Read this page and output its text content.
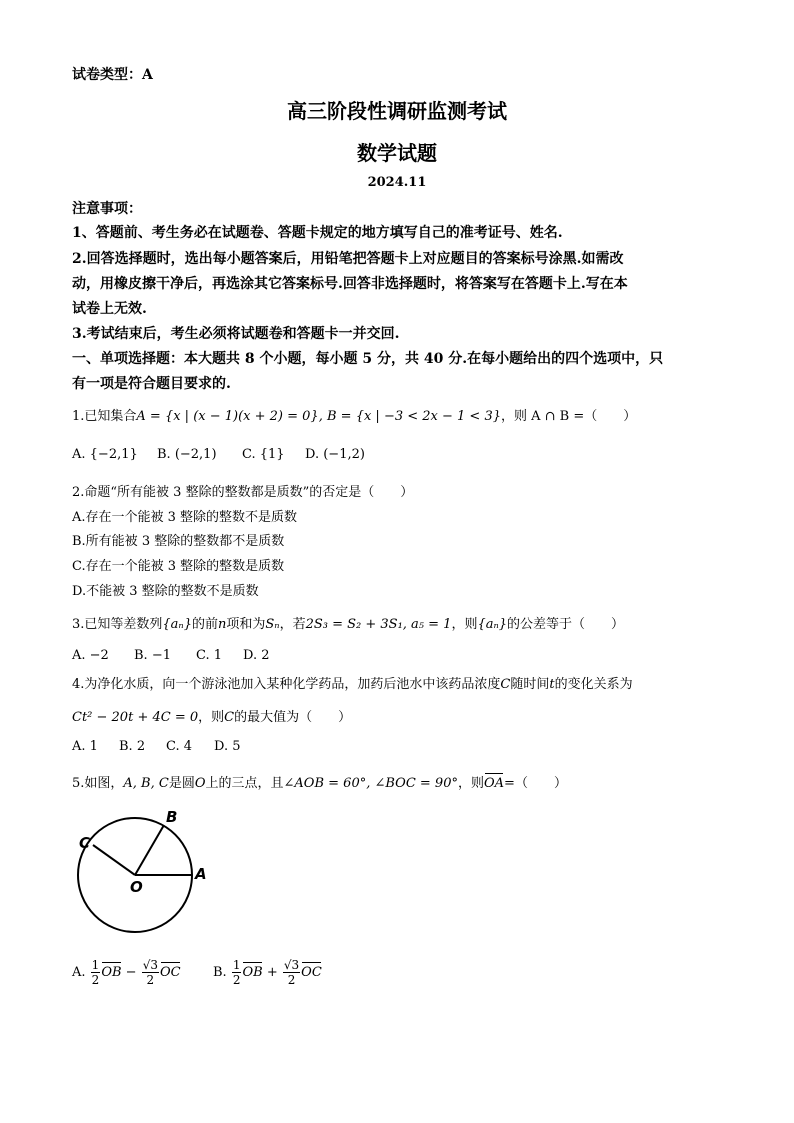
试卷类型：A
高三阶段性调研监测考试
数学试题
2024.11
注意事项：
1、答题前、考生务必在试题卷、答题卡规定的地方填写自己的准考证号、姓名.
2.回答选择题时，选出每小题答案后，用铅笔把答题卡上对应题目的答案标号涂黑.如需改
动，用橡皮擦干净后，再选涂其它答案标号.回答非选择题时，将答案写在答题卡上.写在本
试卷上无效.
3.考试结束后，考生必须将试题卷和答题卡一并交回.
一、单项选择题：本大题共 8 个小题，每小题 5 分，共 40 分.在每小题给出的四个选项中，只
有一项是符合题目要求的.
1.已知集合A = {x | (x − 1)(x + 2) = 0}, B = {x | −3 < 2x − 1 < 3}，则 A ∩ B =（　　）
A. {−2,1} B. (−2,1) C. {1} D. (−1,2)
2.命题“所有能被 3 整除的整数都是质数”的否定是（　　）
A.存在一个能被 3 整除的整数不是质数
B.所有能被 3 整除的整数都不是质数
C.存在一个能被 3 整除的整数是质数
D.不能被 3 整除的整数不是质数
3.已知等差数列{aₙ}的前n项和为Sₙ，若2S₃ = S₂ + 3S₁, a₅ = 1，则{aₙ}的公差等于（　　）
A. −2 B. −1 C. 1 D. 2
4.为净化水质，向一个游泳池加入某种化学药品，加药后池水中该药品浓度C随时间t的变化关系为
Ct² − 20t + 4C = 0，则C的最大值为（　　）
A. 1 B. 2 C. 4 D. 5
5.如图，A, B, C是圆O上的三点，且∠AOB = 60°, ∠BOC = 90°，则OA=（　　）
B
C
A
O
A. $\frac{1}{2}$ OB − $\frac{√3}{2}$ OC B. $\frac{1}{2}$ OB + $\frac{√3}{2}$ OC
